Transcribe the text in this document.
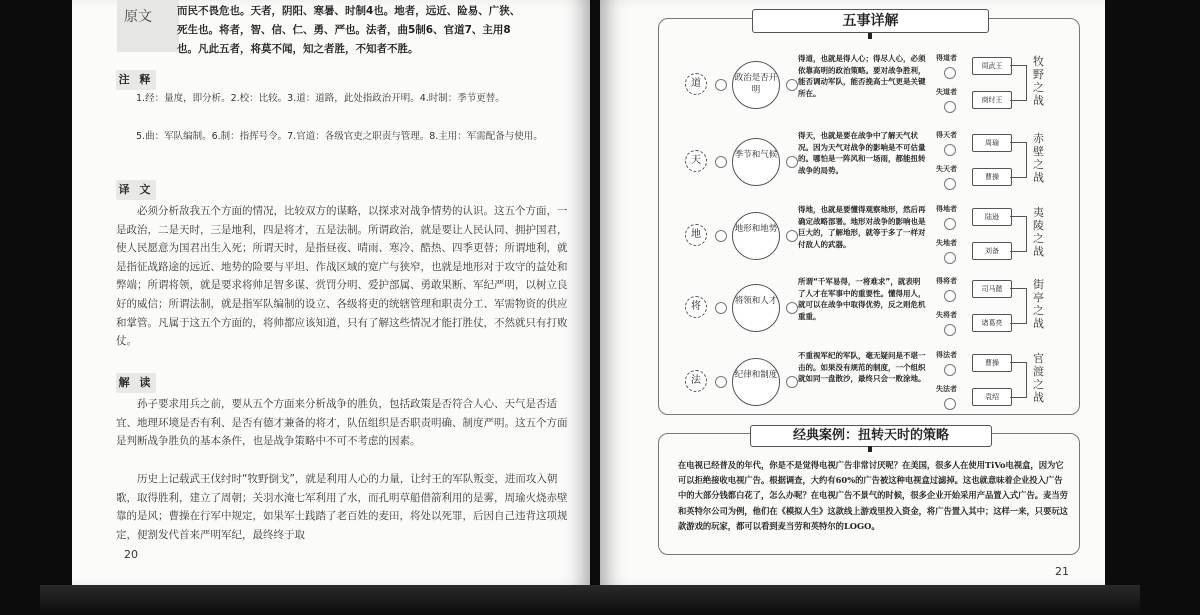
原文 而民不畏危也。天者，阴阳、寒暑、时制4也。地者，远近、险易、广狭、死生也。将者，智、信、仁、勇、严也。法者，曲5制6、官道7、主用8也。凡此五者，将莫不闻，知之者胜，不知者不胜。
注 释

1.经：量度，即分析。2.校：比较。3.道：道路，此处指政治开明。4.时制：季节更替。

5.曲：军队编制。6.制：指挥号令。7.官道：各级官吏之职责与管理。8.主用：军需配备与使用。

译 文

必须分析敌我五个方面的情况，比较双方的谋略，以探求对战争情势的认识。这五个方面，一是政治，二是天时，三是地利，四是将才，五是法制。所谓政治，就是要让人民认同、拥护国君，使人民愿意为国君出生入死；所谓天时，是指昼夜、晴雨、寒冷、酷热、四季更替；所谓地利，就是指征战路途的远近、地势的险要与平坦、作战区域的宽广与狭窄，也就是地形对于攻守的益处和弊端；所谓将领，就是要求将帅足智多谋、赏罚分明、爱护部属、勇敢果断、军纪严明，以树立良好的威信；所谓法制，就是指军队编制的设立、各级将吏的统辖管理和职责分工、军需物资的供应和掌管。凡属于这五个方面的，将帅都应该知道，只有了解这些情况才能打胜仗，不然就只有打败仗。

解 读

孙子要求用兵之前，要从五个方面来分析战争的胜负，包括政策是否符合人心、天气是否适宜、地理环境是否有利、是否有德才兼备的将才，队伍组织是否职责明确、制度严明。这五个方面是判断战争胜负的基本条件，也是战争策略中不可不考虑的因素。

历史上记载武王伐纣时“牧野倒戈”，就是利用人心的力量，让纣王的军队叛变，进而攻入朝歌，取得胜利，建立了周朝；关羽水淹七军利用了水，而孔明草船借箭利用的是雾，周瑜火烧赤壁靠的是风；曹操在行军中规定，如果军士践踏了老百姓的麦田，将处以死罪，后因自己违背这项规定，便割发代首来严明军纪，最终终于取

20
五事详解
道	政治是否开明
得道，也就是得人心；得尽人心，必须依靠高明的政治策略。要对战争胜利，能否调动军队，能否挽高士气更是关键所在。
得道者
失道者
周武王
商纣王
牧野之战
天	季节和气候
得天，也就是要在战争中了解天气状况。因为天气对战争的影响是不可估量的。哪怕是一阵风和一场雨，都能扭转战争的局势。
得天者
失天者
周瑜
曹操
赤壁之战
地	地形和地势
得地，也就是要懂得观察地形，然后再确定战略部署。地形对战争的影响也是巨大的，了解地形，就等于多了一样对付敌人的武器。
得地者
失地者
陆逊
刘备
夷陵之战
将	将领和人才
所谓“千军易得，一将难求”，就表明了人才在军事中的重要性。懂得用人，就可以在战争中取得优势，反之则危机重重。
得将者
失将者
司马懿
诸葛亮
街亭之战
法	纪律和制度
不重视军纪的军队，毫无疑问是不堪一击的。如果没有规范的制度，一个组织就如同一盘散沙，最终只会一败涂地。
得法者
失法者
曹操
袁绍
官渡之战
经典案例：扭转天时的策略

在电视已经普及的年代，你是不是觉得电视广告非常讨厌呢？在美国，很多人在使用TiVo电视盒，因为它可以拒绝接收电视广告。根据调查，大约有60%的广告被这种电视盒过滤掉。这也就意味着企业投入广告中的大部分钱都白花了，怎么办呢？在电视广告不景气的时候，很多企业开始采用产品置入式广告。麦当劳和英特尔公司为例，他们在《模拟人生》这款线上游戏里投入资金，将广告置入其中；这样一来，只要玩这款游戏的玩家，都可以看到麦当劳和英特尔的LOGO。

21
